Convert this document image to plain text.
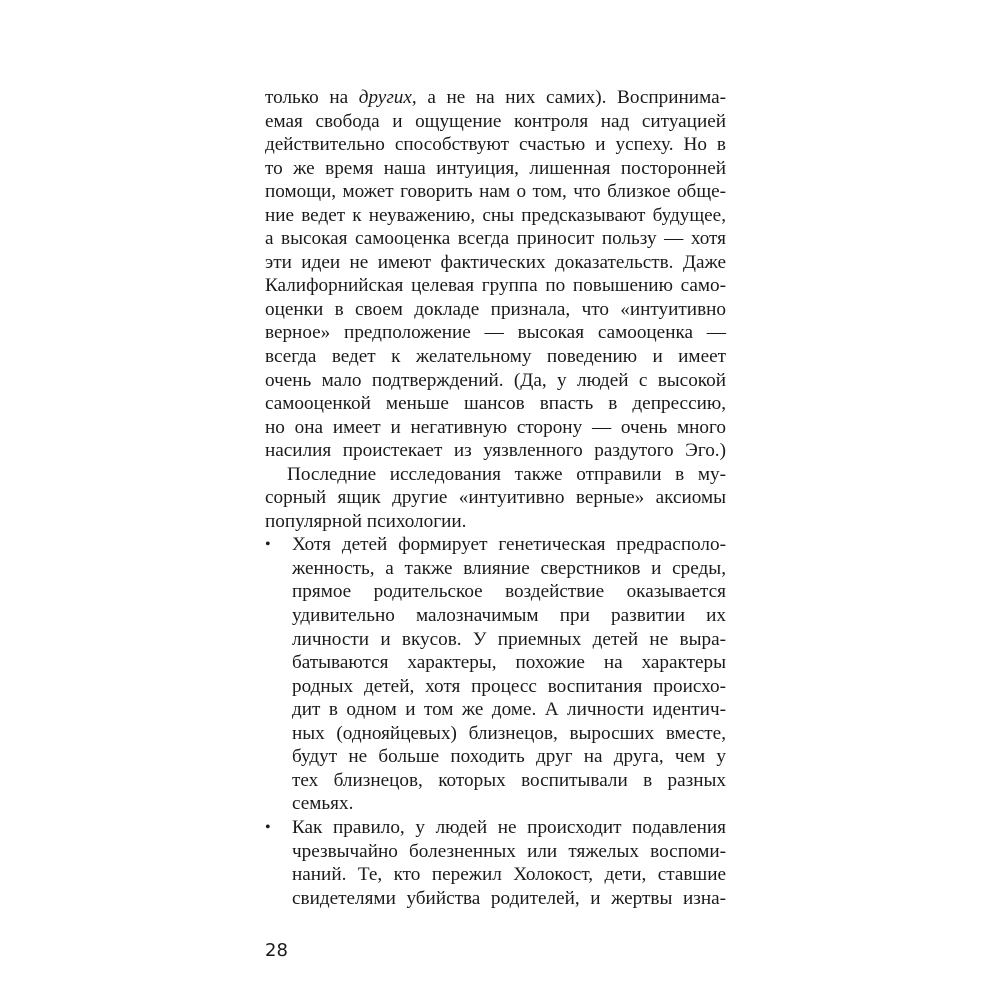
только на других, а не на них самих). Воспринима-
емая свобода и ощущение контроля над ситуацией
действительно способствуют счастью и успеху. Но в
то же время наша интуиция, лишенная посторонней
помощи, может говорить нам о том, что близкое обще-
ние ведет к неуважению, сны предсказывают будущее,
а высокая самооценка всегда приносит пользу — хотя
эти идеи не имеют фактических доказательств. Даже
Калифорнийская целевая группа по повышению само-
оценки в своем докладе признала, что «интуитивно
верное» предположение — высокая самооценка —
всегда ведет к желательному поведению и имеет
очень мало подтверждений. (Да, у людей с высокой
самооценкой меньше шансов впасть в депрессию,
но она имеет и негативную сторону — очень много
насилия проистекает из уязвленного раздутого Эго.)
Последние исследования также отправили в му-
сорный ящик другие «интуитивно верные» аксиомы
популярной психологии.
•	Хотя детей формирует генетическая предрасполо-
женность, а также влияние сверстников и среды,
прямое родительское воздействие оказывается
удивительно малозначимым при развитии их
личности и вкусов. У приемных детей не выра-
батываются характеры, похожие на характеры
родных детей, хотя процесс воспитания происхо-
дит в одном и том же доме. А личности идентич-
ных (однояйцевых) близнецов, выросших вместе,
будут не больше походить друг на друга, чем у
тех близнецов, которых воспитывали в разных
семьях.
•	Как правило, у людей не происходит подавления
чрезвычайно болезненных или тяжелых воспоми-
наний. Те, кто пережил Холокост, дети, ставшие
свидетелями убийства родителей, и жертвы изна-
28
